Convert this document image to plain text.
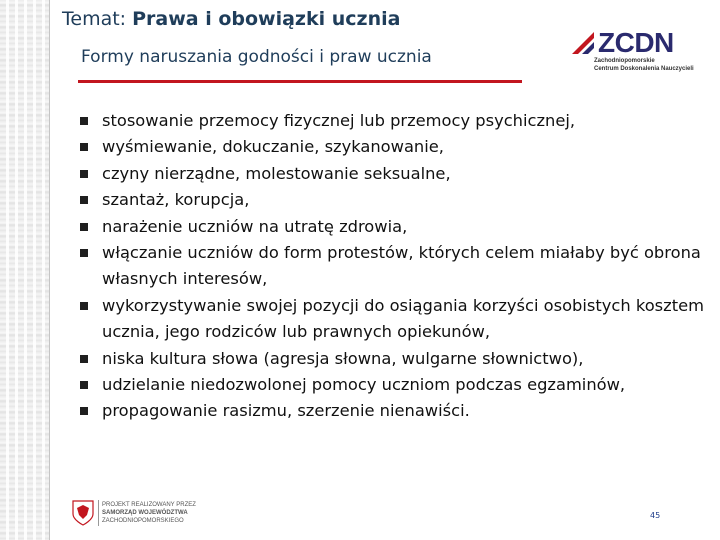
Temat: Prawa i obowiązki ucznia
Formy naruszania godności i praw ucznia	ZCDN
Zachodniopomorskie
Centrum Doskonalenia Nauczycieli
stosowanie przemocy fizycznej lub przemocy psychicznej,
wyśmiewanie, dokuczanie, szykanowanie,
czyny nierządne, molestowanie seksualne,
szantaż, korupcja,
narażenie uczniów na utratę zdrowia,
włączanie uczniów do form protestów, których celem miałaby być obrona własnych interesów,
wykorzystywanie swojej pozycji do osiągania korzyści osobistych kosztem ucznia, jego rodziców lub prawnych opiekunów,
niska kultura słowa (agresja słowna, wulgarne słownictwo),
udzielanie niedozwolonej pomocy uczniom podczas egzaminów,
propagowanie rasizmu, szerzenie nienawiści.
PROJEKT REALIZOWANY PRZEZ
SAMORZĄD WOJEWÓDZTWA
ZACHODNIOPOMORSKIEGO
45
